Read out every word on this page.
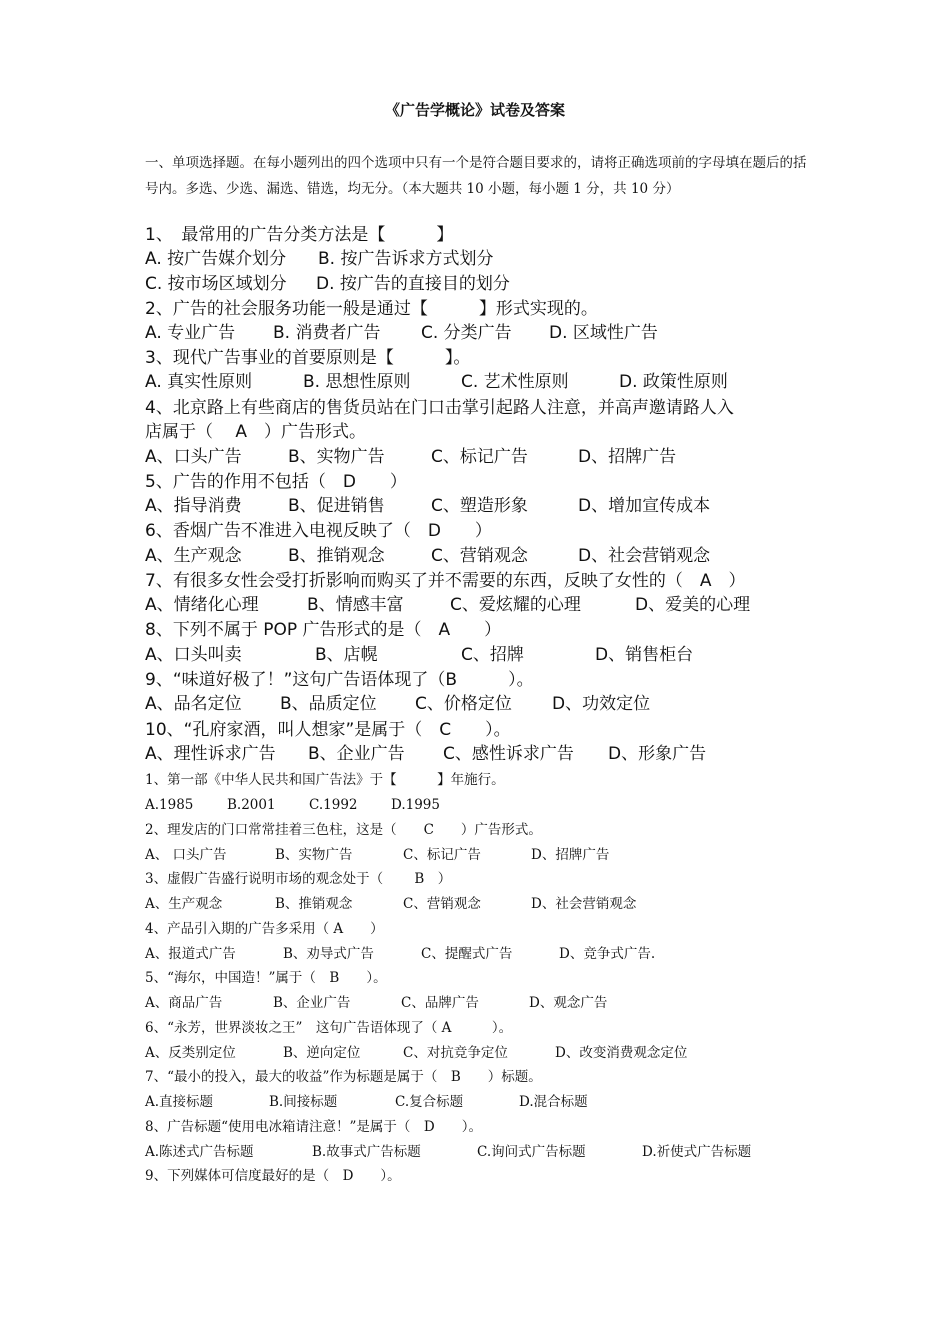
《广告学概论》试卷及答案
一、单项选择题。在每小题列出的四个选项中只有一个是符合题目要求的，请将正确选项前的字母填在题后的括号内。多选、少选、漏选、错选，均无分。（本大题共 10 小题，每小题 1 分，共 10 分）
1、　最常用的广告分类方法是【　　　】
A. 按广告媒介划分 B. 按广告诉求方式划分
C. 按市场区域划分 D. 按广告的直接目的划分
2、广告的社会服务功能一般是通过【　　　】形式实现的。
A. 专业广告 B. 消费者广告 C. 分类广告 D. 区域性广告
3、现代广告事业的首要原则是【　　　】。
A. 真实性原则	B. 思想性原则	C. 艺术性原则	D. 政策性原则
4、北京路上有些商店的售货员站在门口击掌引起路人注意，并高声邀请路人入
店属于（　 A　）广告形式。
A、口头广告	B、实物广告	C、标记广告	D、招牌广告
5、广告的作用不包括（　D　　）
A、指导消费	B、促进销售	C、塑造形象	D、增加宣传成本
6、香烟广告不准进入电视反映了（　D　　）
A、生产观念	B、推销观念	C、营销观念	D、社会营销观念
7、有很多女性会受打折影响而购买了并不需要的东西，反映了女性的（　A　）
A、情绪化心理	B、情感丰富	C、爱炫耀的心理	D、爱美的心理
8、下列不属于 POP 广告形式的是（　A　　）
A、口头叫卖	B、店幌	C、招牌	D、销售柜台
9、“味道好极了！”这句广告语体现了（B　　　）。
A、品名定位 B、品质定位 C、价格定位 D、功效定位
10、“孔府家酒，叫人想家”是属于（　C　　）。
A、理性诉求广告 B、企业广告 C、感性诉求广告 D、形象广告
1、第一部《中华人民共和国广告法》于【　　　】年施行。
A.1985 B.2001 C.1992 D.1995
2、理发店的门口常常挂着三色柱，这是（　　C　　）广告形式。
A、 口头广告	B、实物广告	C、标记广告	D、招牌广告
3、虚假广告盛行说明市场的观念处于（　　 B　）
A、生产观念	B、推销观念	C、营销观念	D、社会营销观念
4、产品引入期的广告多采用（ A　　）
A、报道式广告	B、劝导式广告	C、提醒式广告	D、竞争式广告.
5、“海尔，中国造！”属于（　B　　）。
A、商品广告	B、企业广告	C、品牌广告	D、观念广告
6、“永芳，世界淡妆之王”　这句广告语体现了（ A　　　）。
A、反类别定位	B、逆向定位	C、对抗竞争定位	D、改变消费观念定位
7、“最小的投入，最大的收益”作为标题是属于（　B　　）标题。
A.直接标题	B.间接标题	C.复合标题	D.混合标题
8、广告标题“使用电冰箱请注意！”是属于（　D　　）。
A.陈述式广告标题	B.故事式广告标题	C.询问式广告标题	D.祈使式广告标题
9、下列媒体可信度最好的是（　D　　）。
